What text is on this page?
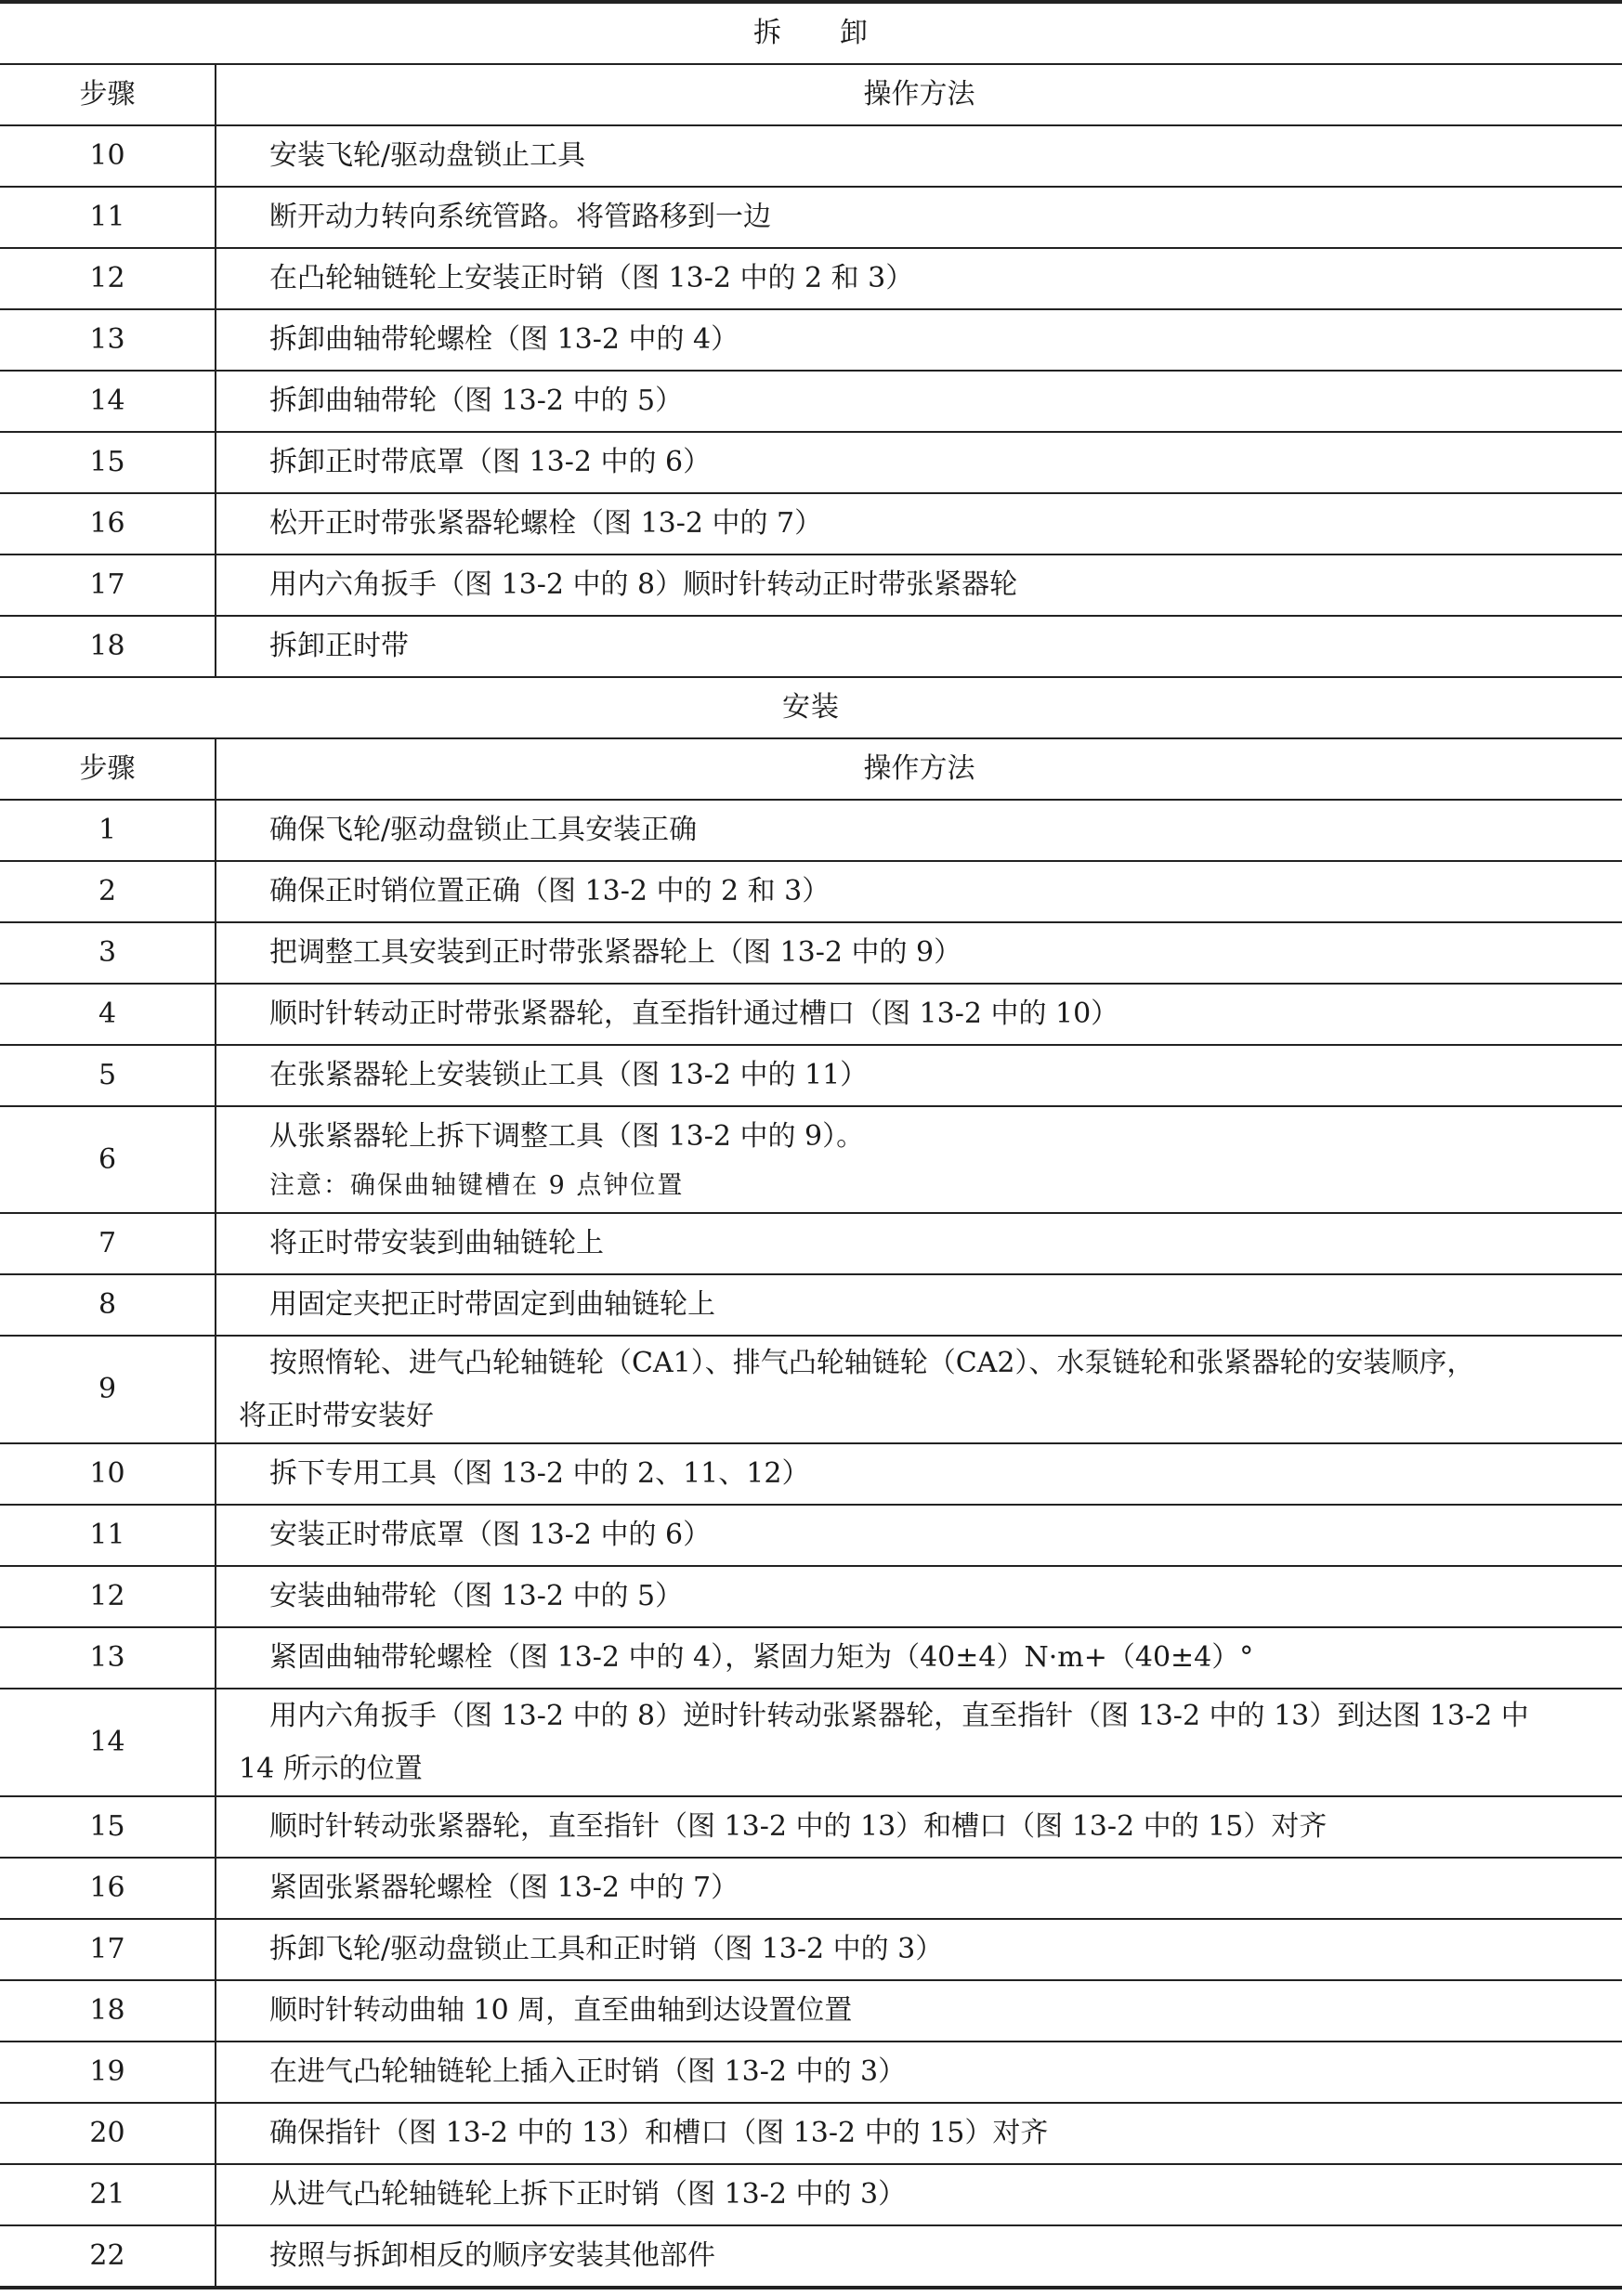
拆　　卸	
步骤	操作方法
10	安装飞轮/驱动盘锁止工具
11	断开动力转向系统管路。将管路移到一边
12	在凸轮轴链轮上安装正时销（图 13-2 中的 2 和 3）
13	拆卸曲轴带轮螺栓（图 13-2 中的 4）
14	拆卸曲轴带轮（图 13-2 中的 5）
15	拆卸正时带底罩（图 13-2 中的 6）
16	松开正时带张紧器轮螺栓（图 13-2 中的 7）
17	用内六角扳手（图 13-2 中的 8）顺时针转动正时带张紧器轮
18	拆卸正时带
安装	
步骤	操作方法
1	确保飞轮/驱动盘锁止工具安装正确
2	确保正时销位置正确（图 13-2 中的 2 和 3）
3	把调整工具安装到正时带张紧器轮上（图 13-2 中的 9）
4	顺时针转动正时带张紧器轮，直至指针通过槽口（图 13-2 中的 10）
5	在张紧器轮上安装锁止工具（图 13-2 中的 11）
6	从张紧器轮上拆下调整工具（图 13-2 中的 9）。
注意：确保曲轴键槽在 9 点钟位置

7	将正时带安装到曲轴链轮上
8	用固定夹把正时带固定到曲轴链轮上
9	按照惰轮、进气凸轮轴链轮（CA1）、排气凸轮轴链轮（CA2）、水泵链轮和张紧器轮的安装顺序，
将正时带安装好

10	拆下专用工具（图 13-2 中的 2、11、12）
11	安装正时带底罩（图 13-2 中的 6）
12	安装曲轴带轮（图 13-2 中的 5）
13	紧固曲轴带轮螺栓（图 13-2 中的 4），紧固力矩为（40±4）N·m+（40±4）°
14	用内六角扳手（图 13-2 中的 8）逆时针转动张紧器轮，直至指针（图 13-2 中的 13）到达图 13-2 中
14 所示的位置

15	顺时针转动张紧器轮，直至指针（图 13-2 中的 13）和槽口（图 13-2 中的 15）对齐
16	紧固张紧器轮螺栓（图 13-2 中的 7）
17	拆卸飞轮/驱动盘锁止工具和正时销（图 13-2 中的 3）
18	顺时针转动曲轴 10 周，直至曲轴到达设置位置
19	在进气凸轮轴链轮上插入正时销（图 13-2 中的 3）
20	确保指针（图 13-2 中的 13）和槽口（图 13-2 中的 15）对齐
21	从进气凸轮轴链轮上拆下正时销（图 13-2 中的 3）
22	按照与拆卸相反的顺序安装其他部件
